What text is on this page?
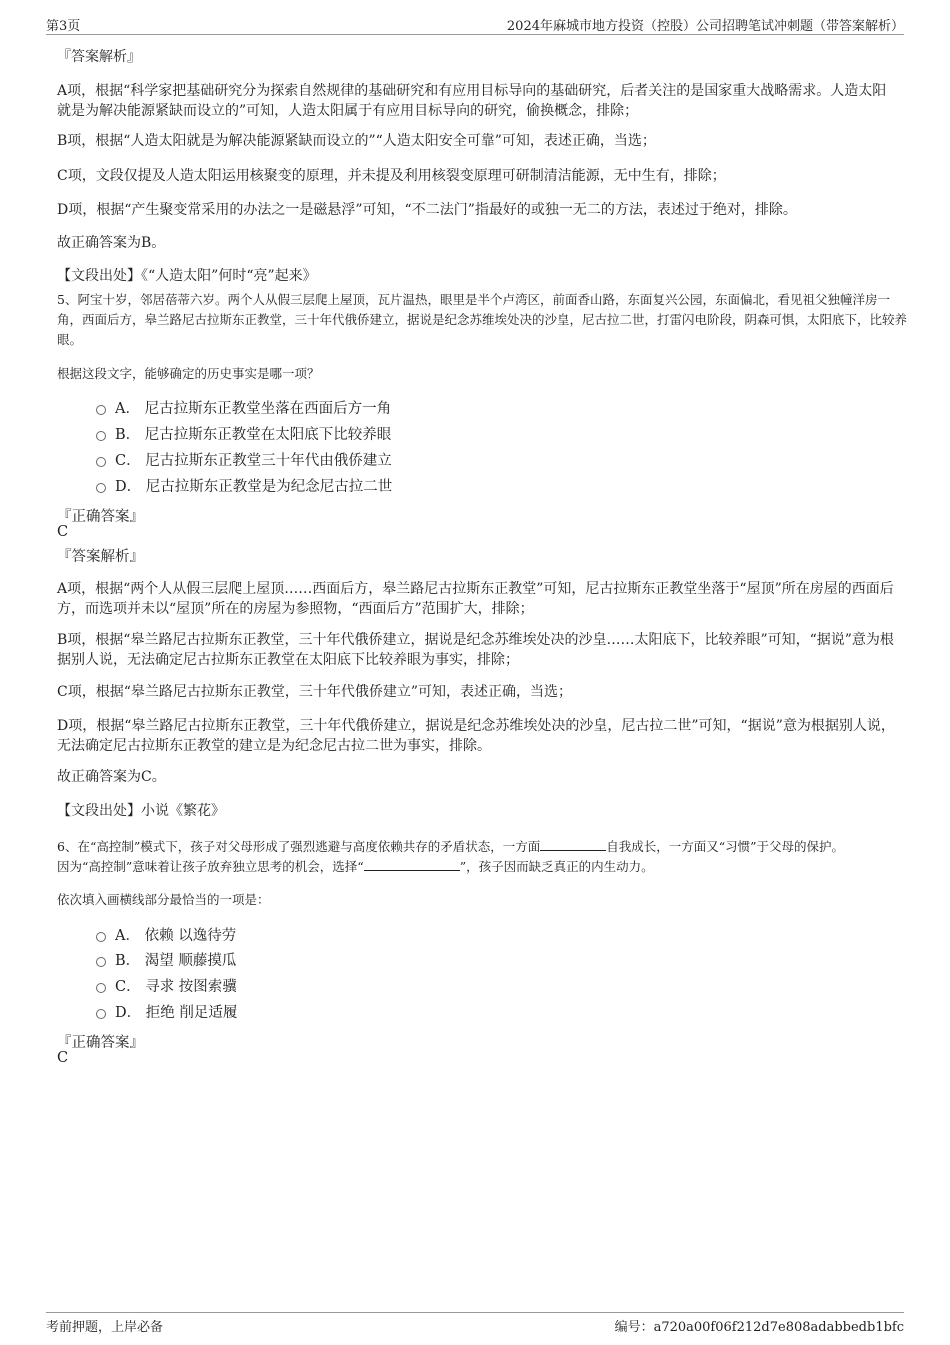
第3页	2024年麻城市地方投资（控股）公司招聘笔试冲刺题（带答案解析）
『答案解析』
A项，根据“科学家把基础研究分为探索自然规律的基础研究和有应用目标导向的基础研究，后者关注的是国家重大战略需求。人造太阳就是为解决能源紧缺而设立的”可知，人造太阳属于有应用目标导向的研究，偷换概念，排除；
B项，根据“人造太阳就是为解决能源紧缺而设立的”“人造太阳安全可靠”可知，表述正确，当选；
C项，文段仅提及人造太阳运用核聚变的原理，并未提及利用核裂变原理可研制清洁能源，无中生有，排除；
D项，根据“产生聚变常采用的办法之一是磁悬浮”可知，“不二法门”指最好的或独一无二的方法，表述过于绝对，排除。
故正确答案为B。
【文段出处】《“人造太阳”何时“亮”起来》
5、阿宝十岁，邻居蓓蒂六岁。两个人从假三层爬上屋顶，瓦片温热，眼里是半个卢湾区，前面香山路，东面复兴公园，东面偏北，看见祖父独幢洋房一角，西面后方，皋兰路尼古拉斯东正教堂，三十年代俄侨建立，据说是纪念苏维埃处决的沙皇，尼古拉二世，打雷闪电阶段，阴森可惧，太阳底下，比较养眼。
根据这段文字，能够确定的历史事实是哪一项？
A． 尼古拉斯东正教堂坐落在西面后方一角
B． 尼古拉斯东正教堂在太阳底下比较养眼
C． 尼古拉斯东正教堂三十年代由俄侨建立
D． 尼古拉斯东正教堂是为纪念尼古拉二世
『正确答案』
C
『答案解析』
A项，根据“两个人从假三层爬上屋顶……西面后方，皋兰路尼古拉斯东正教堂”可知，尼古拉斯东正教堂坐落于“屋顶”所在房屋的西面后方，而选项并未以“屋顶”所在的房屋为参照物，“西面后方”范围扩大，排除；
B项，根据“皋兰路尼古拉斯东正教堂，三十年代俄侨建立，据说是纪念苏维埃处决的沙皇……太阳底下，比较养眼”可知，“据说”意为根据别人说，无法确定尼古拉斯东正教堂在太阳底下比较养眼为事实，排除；
C项，根据“皋兰路尼古拉斯东正教堂，三十年代俄侨建立”可知，表述正确，当选；
D项，根据“皋兰路尼古拉斯东正教堂，三十年代俄侨建立，据说是纪念苏维埃处决的沙皇，尼古拉二世”可知，“据说”意为根据别人说，无法确定尼古拉斯东正教堂的建立是为纪念尼古拉二世为事实，排除。
故正确答案为C。
【文段出处】小说《繁花》
6、在“高控制”模式下，孩子对父母形成了强烈逃避与高度依赖共存的矛盾状态，一方面	自我成长，一方面又“习惯”于父母的保护。
因为“高控制”意味着让孩子放弃独立思考的机会，选择“	”，孩子因而缺乏真正的内生动力。
依次填入画横线部分最恰当的一项是：
A． 依赖 以逸待劳
B． 渴望 顺藤摸瓜
C． 寻求 按图索骥
D． 拒绝 削足适履
『正确答案』
C
考前押题，上岸必备	编号：a720a00f06f212d7e808adabbedb1bfc
